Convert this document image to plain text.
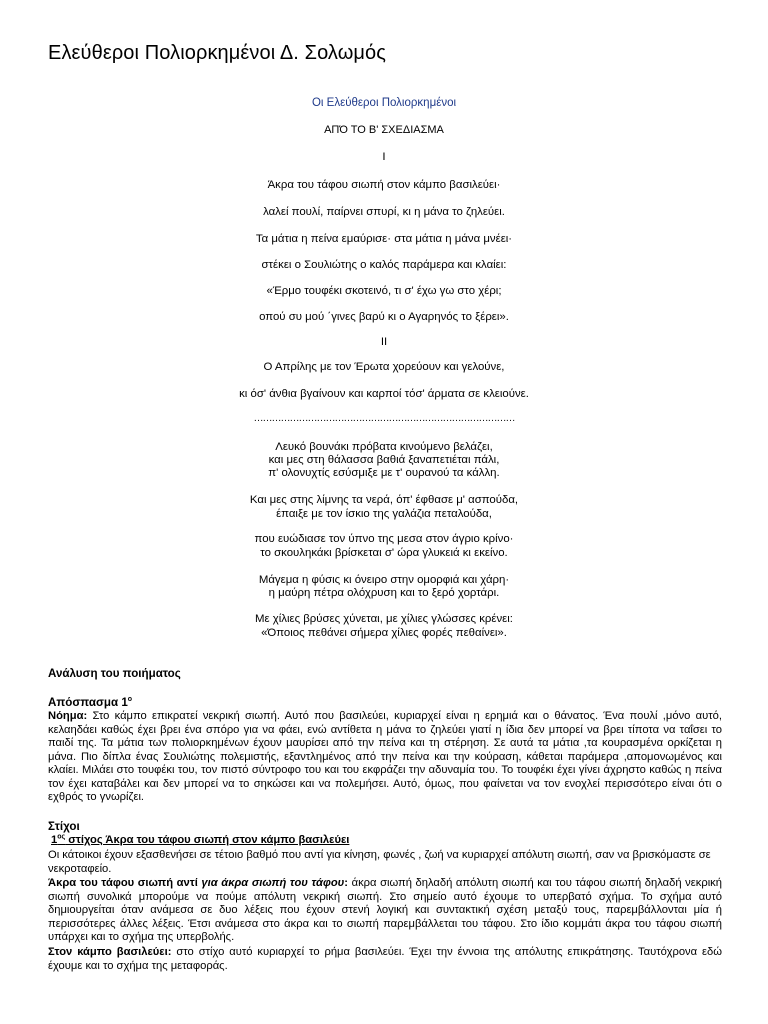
Ελεύθεροι Πολιορκημένοι Δ. Σολωμός
Οι Ελεύθεροι Πολιορκημένοι
ΑΠΌ ΤΟ Β' ΣΧΕΔΙΑΣΜΑ
Ι
Άκρα του τάφου σιωπή στον κάμπο βασιλεύει·
λαλεί πουλί, παίρνει σπυρί, κι η μάνα το ζηλεύει.
Τα μάτια η πείνα εμαύρισε· στα μάτια η μάνα μνέει·
στέκει ο Σουλιώτης ο καλός παράμερα και κλαίει:
«Έρμο τουφέκι σκοτεινό, τι σ' έχω γω στο χέρι;
οπού συ μού ΄γινες βαρύ κι ο Αγαρηνός το ξέρει».
ΙΙ
Ο Απρίλης με τον Έρωτα χορεύουν και γελούνε,
κι όσ' άνθια βγαίνουν και καρποί τόσ' άρματα σε κλειούνε.
……………………………………………………………………………
Λευκό βουνάκι πρόβατα κινούμενο βελάζει,
και μες στη θάλασσα βαθιά ξαναπετιέται πάλι,
π' ολονυχτίς εσύσμιξε με τ' ουρανού τα κάλλη.
Και μες στης λίμνης τα νερά, όπ' έφθασε μ' ασπούδα,
έπαιξε με τον ίσκιο της γαλάζια πεταλούδα,
που ευώδιασε τον ύπνο της μεσα στον άγριο κρίνο·
το σκουληκάκι βρίσκεται σ' ώρα γλυκειά κι εκείνο.
Μάγεμα η φύσις κι όνειρο στην ομορφιά και χάρη·
η μαύρη πέτρα ολόχρυση και το ξερό χορτάρι.
Με χίλιες βρύσες χύνεται, με χίλιες γλώσσες κρένει:
«Όποιος πεθάνει σήμερα χίλιες φορές πεθαίνει».
Ανάλυση του ποιήματος
Απόσπασμα $1^o$

Νόημα: Στο κάμπο επικρατεί νεκρική σιωπή. Αυτό που βασιλεύει, κυριαρχεί είναι η ερημιά και ο θάνατος. Ένα πουλί ,μόνο αυτό, κελαηδάει καθώς έχει βρει ένα σπόρο για να φάει, ενώ αντίθετα η μάνα το ζηλεύει γιατί η ίδια δεν μπορεί να βρει τίποτα να ταΐσει το παιδί της. Τα μάτια των πολιορκημένων έχουν μαυρίσει από την πείνα και τη στέρηση. Σε αυτά τα μάτια ,τα κουρασμένα ορκίζεται η μάνα. Πιο δίπλα ένας Σουλιώτης πολεμιστής, εξαντλημένος από την πείνα και την κούραση, κάθεται παράμερα ,απομονωμένος και κλαίει. Μιλάει στο τουφέκι του, τον πιστό σύντροφο του και του εκφράζει την αδυναμία του. Το τουφέκι έχει γίνει άχρηστο καθώς η πείνα τον έχει καταβάλει και δεν μπορεί να το σηκώσει και να πολεμήσει. Αυτό, όμως, που φαίνεται να τον ενοχλεί περισσότερο είναι ότι ο εχθρός το γνωρίζει.

Στίχοι
$1^{o\varsigma}$ στίχος Άκρα του τάφου σιωπή στον κάμπο βασιλεύει

Οι κάτοικοι έχουν εξασθενήσει σε τέτοιο βαθμό που αντί για κίνηση, φωνές , ζωή να κυριαρχεί απόλυτη σιωπή, σαν να βρισκόμαστε σε νεκροταφείο.

Άκρα του τάφου σιωπή αντί για άκρα σιωπή του τάφου: άκρα σιωπή δηλαδή απόλυτη σιωπή και του τάφου σιωπή δηλαδή νεκρική σιωπή συνολικά μπορούμε να πούμε απόλυτη νεκρική σιωπή. Στο σημείο αυτό έχουμε το υπερβατό σχήμα. Το σχήμα αυτό δημιουργείται όταν ανάμεσα σε δυο λέξεις που έχουν στενή λογική και συντακτική σχέση μεταξύ τους, παρεμβάλλονται μία ή περισσότερες άλλες λέξεις. Έτσι ανάμεσα στο άκρα και το σιωπή παρεμβάλλεται του τάφου. Στο ίδιο κομμάτι άκρα του τάφου σιωπή υπάρχει και το σχήμα της υπερβολής.

Στον κάμπο βασιλεύει: στο στίχο αυτό κυριαρχεί το ρήμα βασιλεύει. Έχει την έννοια της απόλυτης επικράτησης. Ταυτόχρονα εδώ έχουμε και το σχήμα της μεταφοράς.
